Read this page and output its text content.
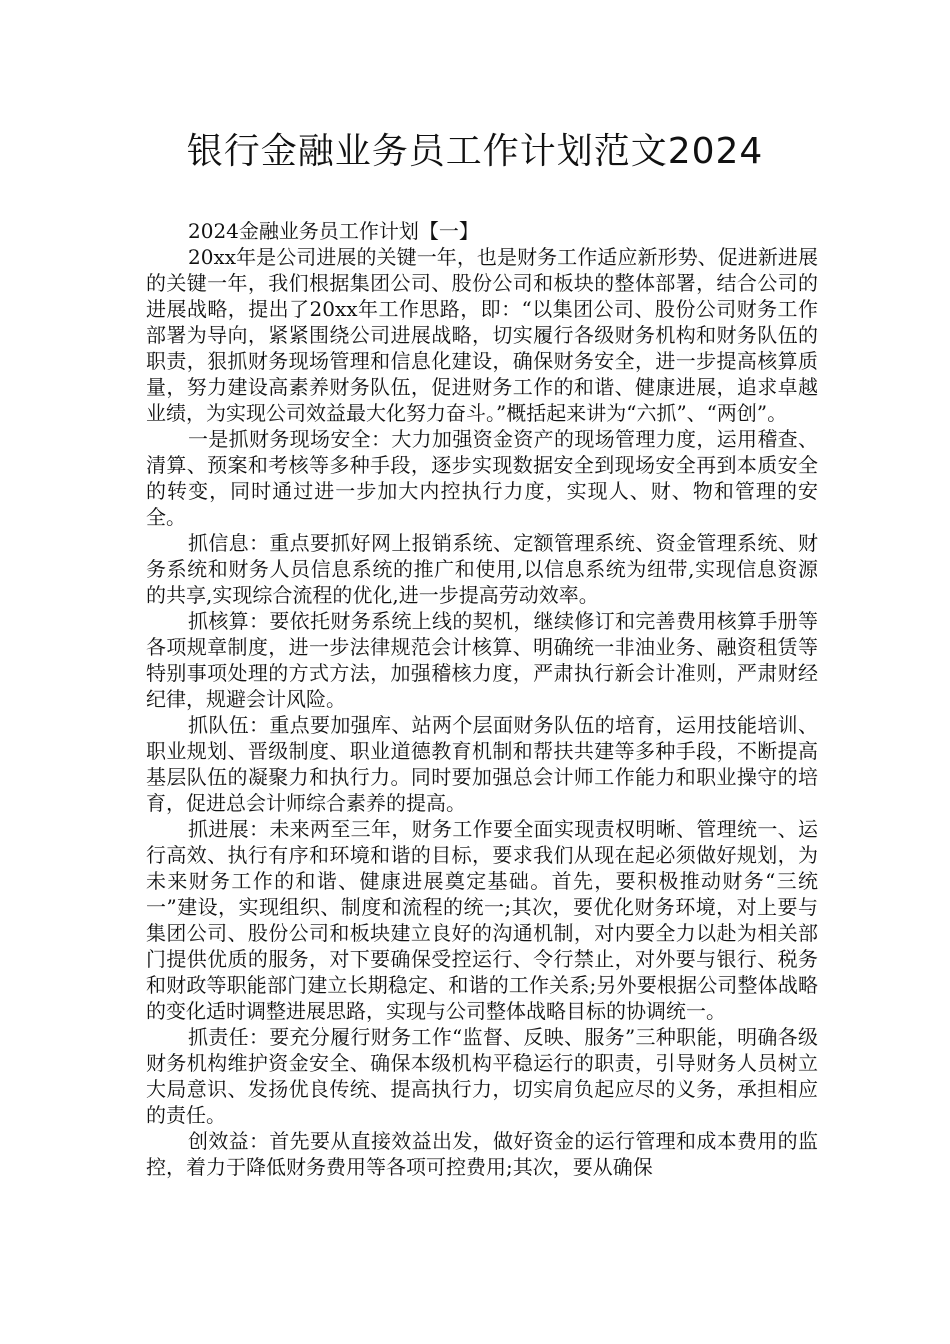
银行金融业务员工作计划范文2024

2024金融业务员工作计划【一】

20xx年是公司进展的关键一年，也是财务工作适应新形势、促进新进展的关键一年，我们根据集团公司、股份公司和板块的整体部署，结合公司的进展战略，提出了20xx年工作思路，即：“以集团公司、股份公司财务工作部署为导向，紧紧围绕公司进展战略，切实履行各级财务机构和财务队伍的职责，狠抓财务现场管理和信息化建设，确保财务安全，进一步提高核算质量，努力建设高素养财务队伍，促进财务工作的和谐、健康进展，追求卓越业绩，为实现公司效益最大化努力奋斗。”概括起来讲为“六抓”、“两创”。

一是抓财务现场安全：大力加强资金资产的现场管理力度，运用稽查、清算、预案和考核等多种手段，逐步实现数据安全到现场安全再到本质安全的转变，同时通过进一步加大内控执行力度，实现人、财、物和管理的安全。

抓信息：重点要抓好网上报销系统、定额管理系统、资金管理系统、财务系统和财务人员信息系统的推广和使用,以信息系统为纽带,实现信息资源的共享,实现综合流程的优化,进一步提高劳动效率。

抓核算：要依托财务系统上线的契机，继续修订和完善费用核算手册等各项规章制度，进一步法律规范会计核算、明确统一非油业务、融资租赁等特别事项处理的方式方法，加强稽核力度，严肃执行新会计准则，严肃财经纪律，规避会计风险。

抓队伍：重点要加强库、站两个层面财务队伍的培育，运用技能培训、职业规划、晋级制度、职业道德教育机制和帮扶共建等多种手段，不断提高基层队伍的凝聚力和执行力。同时要加强总会计师工作能力和职业操守的培育，促进总会计师综合素养的提高。

抓进展：未来两至三年，财务工作要全面实现责权明晰、管理统一、运行高效、执行有序和环境和谐的目标，要求我们从现在起必须做好规划，为未来财务工作的和谐、健康进展奠定基础。首先，要积极推动财务“三统一”建设，实现组织、制度和流程的统一;其次，要优化财务环境，对上要与集团公司、股份公司和板块建立良好的沟通机制，对内要全力以赴为相关部门提供优质的服务，对下要确保受控运行、令行禁止，对外要与银行、税务和财政等职能部门建立长期稳定、和谐的工作关系;另外要根据公司整体战略的变化适时调整进展思路，实现与公司整体战略目标的协调统一。

抓责任：要充分履行财务工作“监督、反映、服务”三种职能，明确各级财务机构维护资金安全、确保本级机构平稳运行的职责，引导财务人员树立大局意识、发扬优良传统、提高执行力，切实肩负起应尽的义务，承担相应的责任。

创效益：首先要从直接效益出发，做好资金的运行管理和成本费用的监控，着力于降低财务费用等各项可控费用;其次，要从确保
